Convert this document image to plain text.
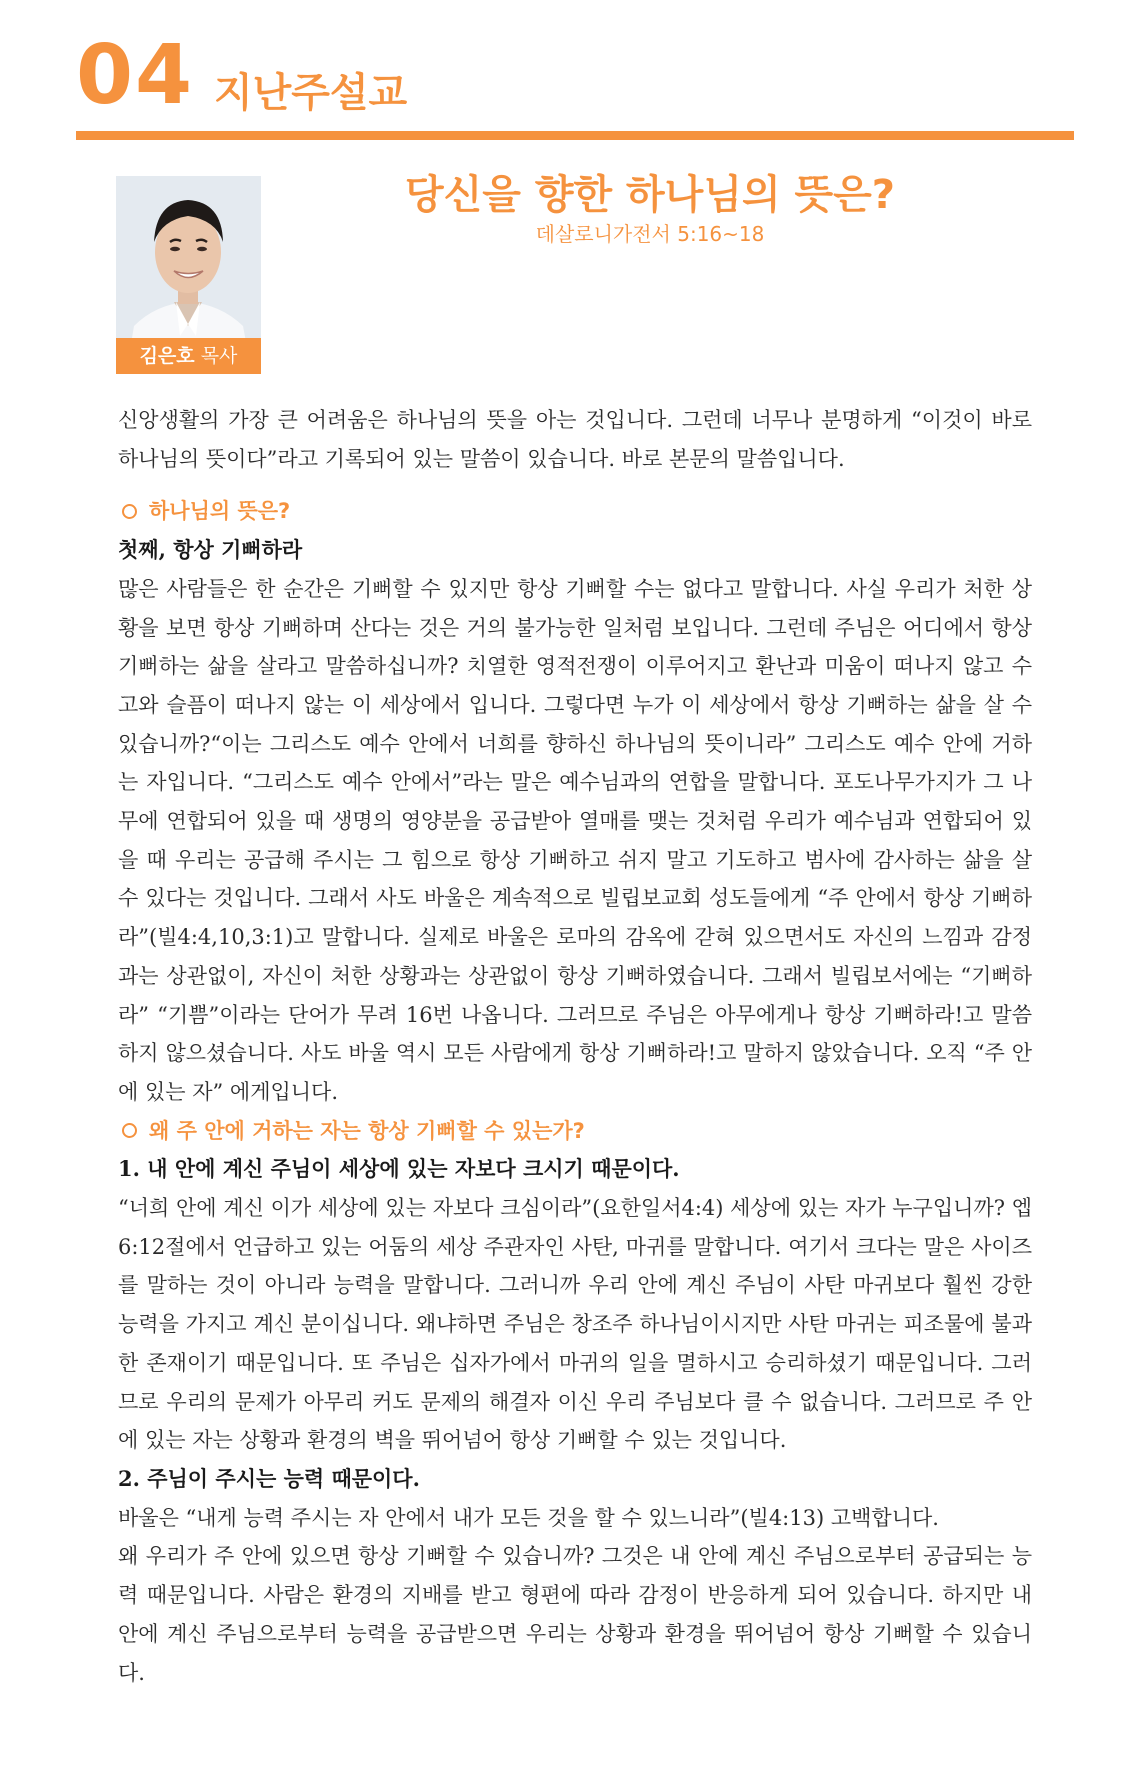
04 지난주설교
김은호 목사
당신을 향한 하나님의 뜻은?
데살로니가전서 5:16~18

신앙생활의 가장 큰 어려움은 하나님의 뜻을 아는 것입니다. 그런데 너무나 분명하게 “이것이 바로 하나님의 뜻이다”라고 기록되어 있는 말씀이 있습니다. 바로 본문의 말씀입니다.

하나님의 뜻은?

첫째, 항상 기뻐하라

많은 사람들은 한 순간은 기뻐할 수 있지만 항상 기뻐할 수는 없다고 말합니다. 사실 우리가 처한 상황을 보면 항상 기뻐하며 산다는 것은 거의 불가능한 일처럼 보입니다. 그런데 주님은 어디에서 항상 기뻐하는 삶을 살라고 말씀하십니까? 치열한 영적전쟁이 이루어지고 환난과 미움이 떠나지 않고 수고와 슬픔이 떠나지 않는 이 세상에서 입니다. 그렇다면 누가 이 세상에서 항상 기뻐하는 삶을 살 수 있습니까?“이는 그리스도 예수 안에서 너희를 향하신 하나님의 뜻이니라” 그리스도 예수 안에 거하는 자입니다. “그리스도 예수 안에서”라는 말은 예수님과의 연합을 말합니다. 포도나무가지가 그 나무에 연합되어 있을 때 생명의 영양분을 공급받아 열매를 맺는 것처럼 우리가 예수님과 연합되어 있을 때 우리는 공급해 주시는 그 힘으로 항상 기뻐하고 쉬지 말고 기도하고 범사에 감사하는 삶을 살 수 있다는 것입니다. 그래서 사도 바울은 계속적으로 빌립보교회 성도들에게 “주 안에서 항상 기뻐하라”(빌4:4,10,3:1)고 말합니다. 실제로 바울은 로마의 감옥에 갇혀 있으면서도 자신의 느낌과 감정과는 상관없이, 자신이 처한 상황과는 상관없이 항상 기뻐하였습니다. 그래서 빌립보서에는 “기뻐하라” “기쁨”이라는 단어가 무려 16번 나옵니다. 그러므로 주님은 아무에게나 항상 기뻐하라!고 말씀하지 않으셨습니다. 사도 바울 역시 모든 사람에게 항상 기뻐하라!고 말하지 않았습니다. 오직 “주 안에 있는 자” 에게입니다.

왜 주 안에 거하는 자는 항상 기뻐할 수 있는가?

1. 내 안에 계신 주님이 세상에 있는 자보다 크시기 때문이다.

“너희 안에 계신 이가 세상에 있는 자보다 크심이라”(요한일서4:4) 세상에 있는 자가 누구입니까? 엡6:12절에서 언급하고 있는 어둠의 세상 주관자인 사탄, 마귀를 말합니다. 여기서 크다는 말은 사이즈를 말하는 것이 아니라 능력을 말합니다. 그러니까 우리 안에 계신 주님이 사탄 마귀보다 훨씬 강한 능력을 가지고 계신 분이십니다. 왜냐하면 주님은 창조주 하나님이시지만 사탄 마귀는 피조물에 불과한 존재이기 때문입니다. 또 주님은 십자가에서 마귀의 일을 멸하시고 승리하셨기 때문입니다. 그러므로 우리의 문제가 아무리 커도 문제의 해결자 이신 우리 주님보다 클 수 없습니다. 그러므로 주 안에 있는 자는 상황과 환경의 벽을 뛰어넘어 항상 기뻐할 수 있는 것입니다.

2. 주님이 주시는 능력 때문이다.

바울은 “내게 능력 주시는 자 안에서 내가 모든 것을 할 수 있느니라”(빌4:13) 고백합니다.

왜 우리가 주 안에 있으면 항상 기뻐할 수 있습니까? 그것은 내 안에 계신 주님으로부터 공급되는 능력 때문입니다. 사람은 환경의 지배를 받고 형편에 따라 감정이 반응하게 되어 있습니다. 하지만 내 안에 계신 주님으로부터 능력을 공급받으면 우리는 상황과 환경을 뛰어넘어 항상 기뻐할 수 있습니다.
